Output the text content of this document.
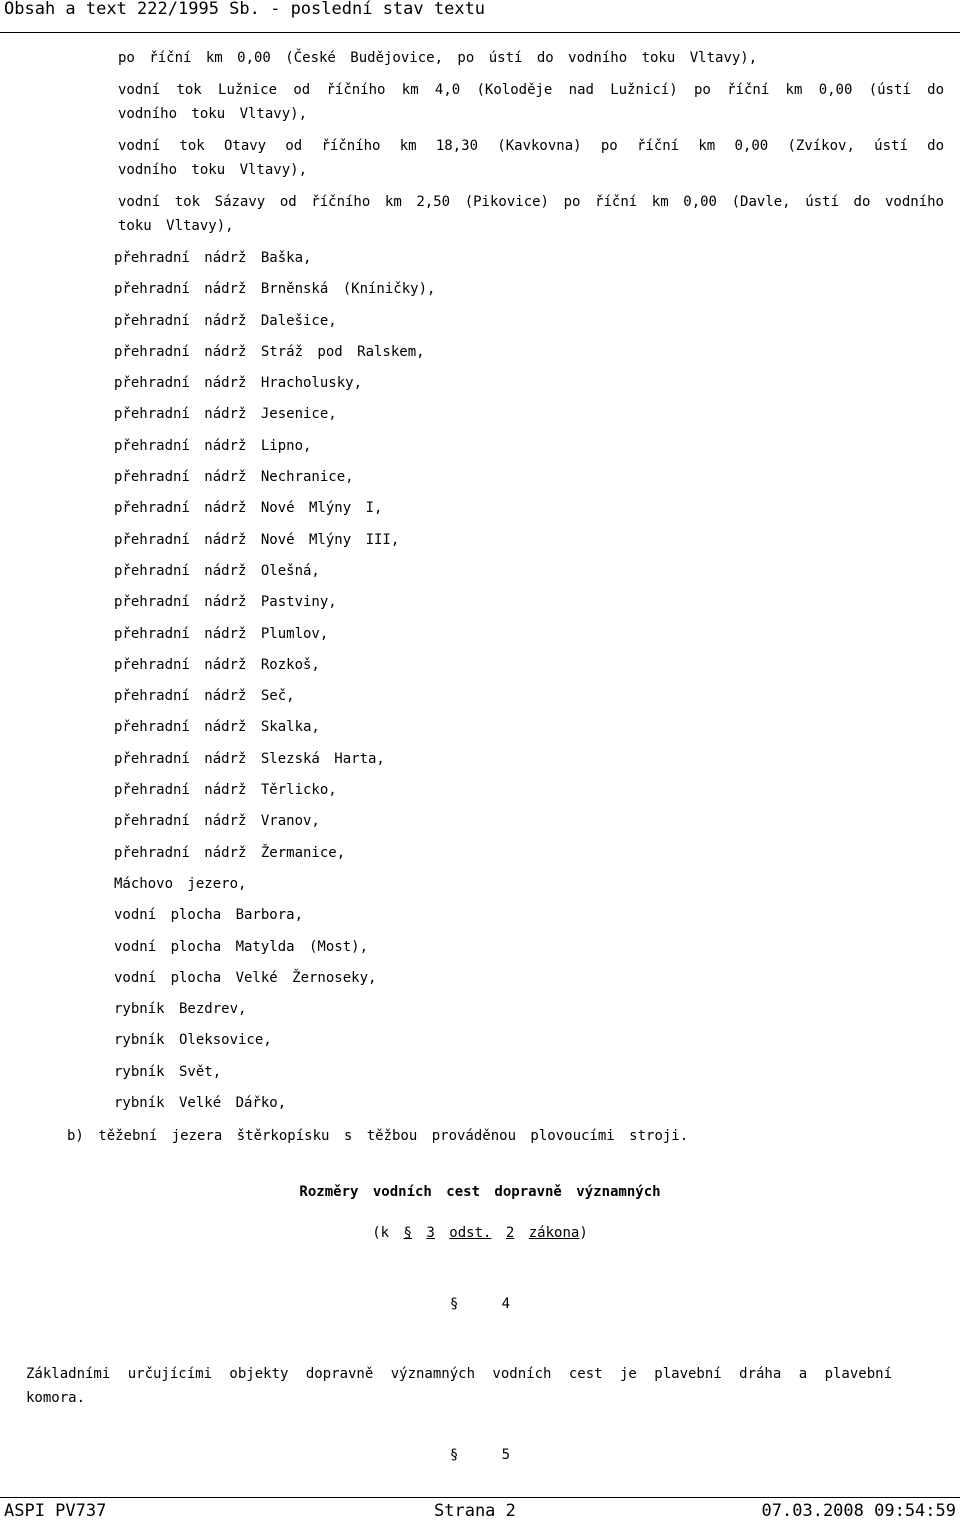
Obsah a text 222/1995 Sb. - poslední stav textu
po říční km 0,00 (České Budějovice, po ústí do vodního toku Vltavy),
vodní tok Lužnice od říčního km 4,0 (Koloděje nad Lužnicí) po říční km 0,00 (ústí do vodního toku Vltavy),
vodní tok Otavy od říčního km 18,30 (Kavkovna) po říční km 0,00 (Zvíkov, ústí do vodního toku Vltavy),
vodní tok Sázavy od říčního km 2,50 (Pikovice) po říční km 0,00 (Davle, ústí do vodního toku Vltavy),
přehradní nádrž Baška,
přehradní nádrž Brněnská (Kníničky),
přehradní nádrž Dalešice,
přehradní nádrž Stráž pod Ralskem,
přehradní nádrž Hracholusky,
přehradní nádrž Jesenice,
přehradní nádrž Lipno,
přehradní nádrž Nechranice,
přehradní nádrž Nové Mlýny I,
přehradní nádrž Nové Mlýny III,
přehradní nádrž Olešná,
přehradní nádrž Pastviny,
přehradní nádrž Plumlov,
přehradní nádrž Rozkoš,
přehradní nádrž Seč,
přehradní nádrž Skalka,
přehradní nádrž Slezská Harta,
přehradní nádrž Těrlicko,
přehradní nádrž Vranov,
přehradní nádrž Žermanice,
Máchovo jezero,
vodní plocha Barbora,
vodní plocha Matylda (Most),
vodní plocha Velké Žernoseky,
rybník Bezdrev,
rybník Oleksovice,
rybník Svět,
rybník Velké Dářko,
b) těžební jezera štěrkopísku s těžbou prováděnou plovoucími stroji.
Rozměry vodních cest dopravně významných
(k § 3 odst. 2 zákona)
§	4
Základními určujícími objekty dopravně významných vodních cest je plavební dráha a plavební komora.
§	5
ASPI PV737	Strana 2	07.03.2008 09:54:59
